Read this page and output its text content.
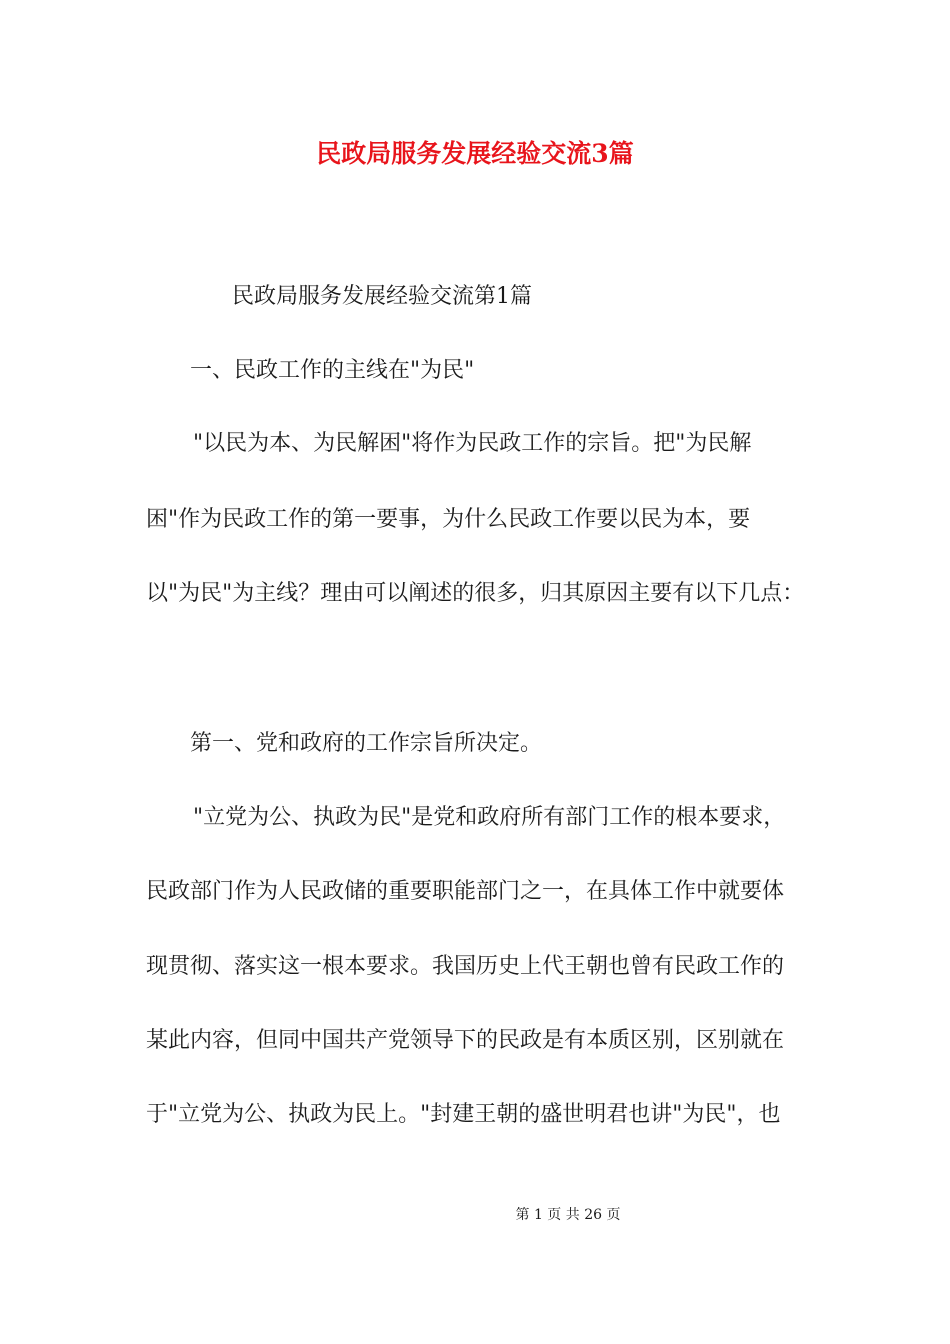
民政局服务发展经验交流3篇

民政局服务发展经验交流第1篇

一、民政工作的主线在"为民"

"以民为本、为民解困"将作为民政工作的宗旨。把"为民解

困"作为民政工作的第一要事，为什么民政工作要以民为本，要

以"为民"为主线？理由可以阐述的很多，归其原因主要有以下几点：

第一、党和政府的工作宗旨所决定。

"立党为公、执政为民"是党和政府所有部门工作的根本要求，

民政部门作为人民政储的重要职能部门之一，在具体工作中就要体

现贯彻、落实这一根本要求。我国历史上代王朝也曾有民政工作的

某此内容，但同中国共产党领导下的民政是有本质区别，区别就在

于"立党为公、执政为民上。"封建王朝的盛世明君也讲"为民"，也

第 1 页 共 26 页
